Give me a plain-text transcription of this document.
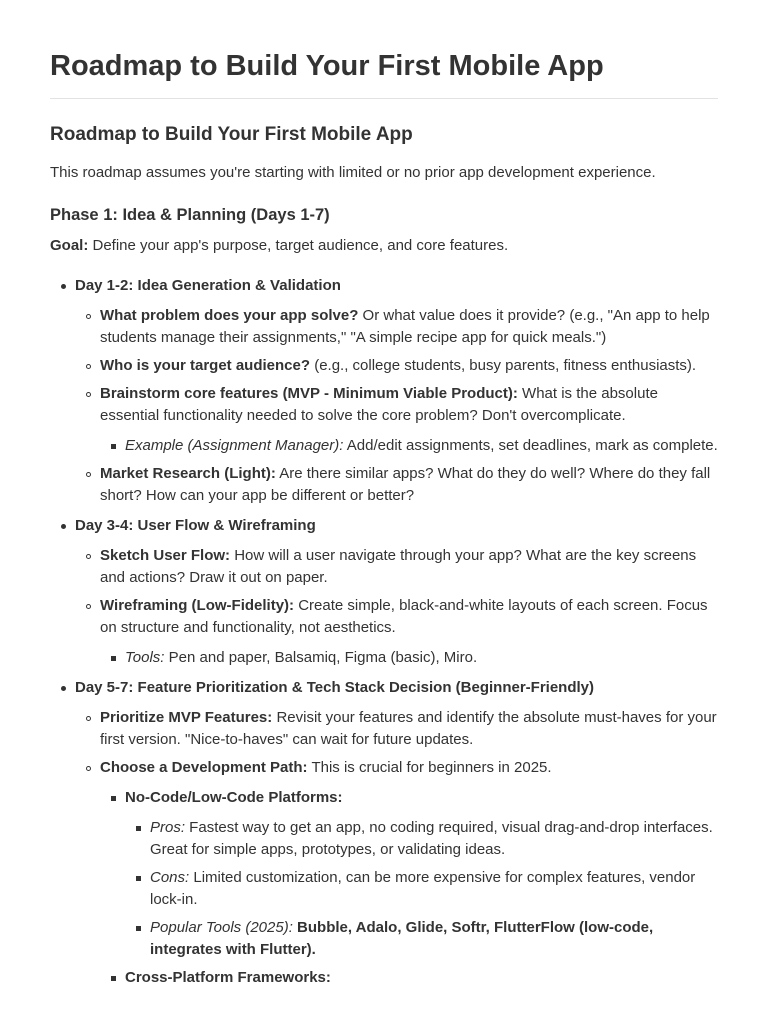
Roadmap to Build Your First Mobile App
Roadmap to Build Your First Mobile App

This roadmap assumes you're starting with limited or no prior app development experience.

Phase 1: Idea & Planning (Days 1-7)

Goal: Define your app's purpose, target audience, and core features.

Day 1-2: Idea Generation & Validation
What problem does your app solve? Or what value does it provide? (e.g., "An app to help students manage their assignments," "A simple recipe app for quick meals.")
Who is your target audience? (e.g., college students, busy parents, fitness enthusiasts).
Brainstorm core features (MVP - Minimum Viable Product): What is the absolute essential functionality needed to solve the core problem? Don't overcomplicate.
Example (Assignment Manager): Add/edit assignments, set deadlines, mark as complete.
Market Research (Light): Are there similar apps? What do they do well? Where do they fall short? How can your app be different or better?
Day 3-4: User Flow & Wireframing
Sketch User Flow: How will a user navigate through your app? What are the key screens and actions? Draw it out on paper.
Wireframing (Low-Fidelity): Create simple, black-and-white layouts of each screen. Focus on structure and functionality, not aesthetics.
Tools: Pen and paper, Balsamiq, Figma (basic), Miro.
Day 5-7: Feature Prioritization & Tech Stack Decision (Beginner-Friendly)
Prioritize MVP Features: Revisit your features and identify the absolute must-haves for your first version. "Nice-to-haves" can wait for future updates.
Choose a Development Path: This is crucial for beginners in 2025.
No-Code/Low-Code Platforms:
Pros: Fastest way to get an app, no coding required, visual drag-and-drop interfaces. Great for simple apps, prototypes, or validating ideas.
Cons: Limited customization, can be more expensive for complex features, vendor lock-in.
Popular Tools (2025): Bubble, Adalo, Glide, Softr, FlutterFlow (low-code, integrates with Flutter).
Cross-Platform Frameworks:
